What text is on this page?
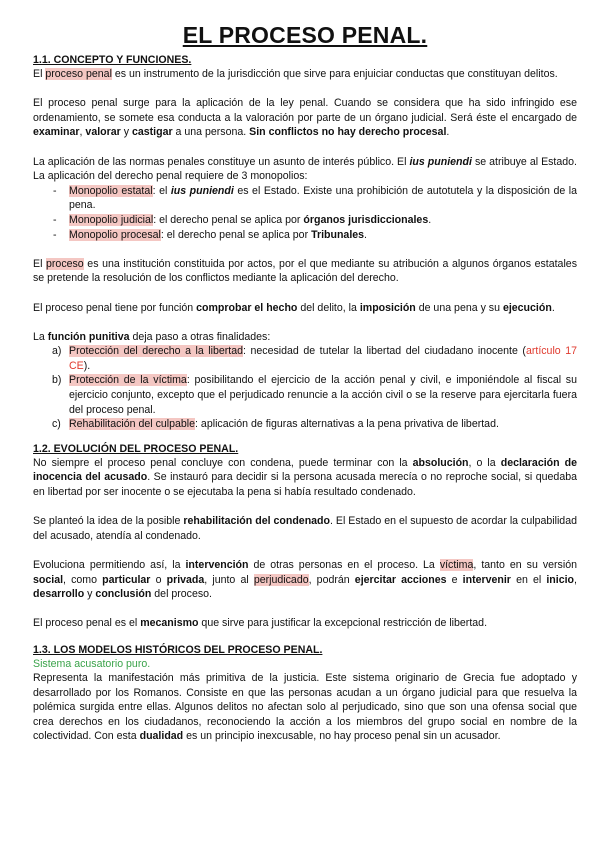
EL PROCESO PENAL.
1.1. CONCEPTO Y FUNCIONES.

El proceso penal es un instrumento de la jurisdicción que sirve para enjuiciar conductas que constituyan delitos.

El proceso penal surge para la aplicación de la ley penal. Cuando se considera que ha sido infringido ese ordenamiento, se somete esa conducta a la valoración por parte de un órgano judicial. Será éste el encargado de examinar, valorar y castigar a una persona. Sin conflictos no hay derecho procesal.

La aplicación de las normas penales constituye un asunto de interés público. El ius puniendi se atribuye al Estado. La aplicación del derecho penal requiere de 3 monopolios:

- Monopolio estatal: el ius puniendi es el Estado. Existe una prohibición de autotutela y la disposición de la pena.
- Monopolio judicial: el derecho penal se aplica por órganos jurisdiccionales.
- Monopolio procesal: el derecho penal se aplica por Tribunales.

El proceso es una institución constituida por actos, por el que mediante su atribución a algunos órganos estatales se pretende la resolución de los conflictos mediante la aplicación del derecho.

El proceso penal tiene por función comprobar el hecho del delito, la imposición de una pena y su ejecución.

La función punitiva deja paso a otras finalidades:

a) Protección del derecho a la libertad: necesidad de tutelar la libertad del ciudadano inocente (artículo 17 CE).
b) Protección de la víctima: posibilitando el ejercicio de la acción penal y civil, e imponiéndole al fiscal su ejercicio conjunto, excepto que el perjudicado renuncie a la acción civil o se la reserve para ejercitarla fuera del proceso penal.
c) Rehabilitación del culpable: aplicación de figuras alternativas a la pena privativa de libertad.
1.2. EVOLUCIÓN DEL PROCESO PENAL.

No siempre el proceso penal concluye con condena, puede terminar con la absolución, o la declaración de inocencia del acusado. Se instauró para decidir si la persona acusada merecía o no reproche social, si quedaba en libertad por ser inocente o se ejecutaba la pena si había resultado condenado.

Se planteó la idea de la posible rehabilitación del condenado. El Estado en el supuesto de acordar la culpabilidad del acusado, atendía al condenado.

Evoluciona permitiendo así, la intervención de otras personas en el proceso. La víctima, tanto en su versión social, como particular o privada, junto al perjudicado, podrán ejercitar acciones e intervenir en el inicio, desarrollo y conclusión del proceso.

El proceso penal es el mecanismo que sirve para justificar la excepcional restricción de libertad.

1.3. LOS MODELOS HISTÓRICOS DEL PROCESO PENAL.

Sistema acusatorio puro.

Representa la manifestación más primitiva de la justicia. Este sistema originario de Grecia fue adoptado y desarrollado por los Romanos. Consiste en que las personas acudan a un órgano judicial para que resuelva la polémica surgida entre ellas. Algunos delitos no afectan solo al perjudicado, sino que son una ofensa social que crea derechos en los ciudadanos, reconociendo la acción a los miembros del grupo social en nombre de la colectividad. Con esta dualidad es un principio inexcusable, no hay proceso penal sin un acusador.
